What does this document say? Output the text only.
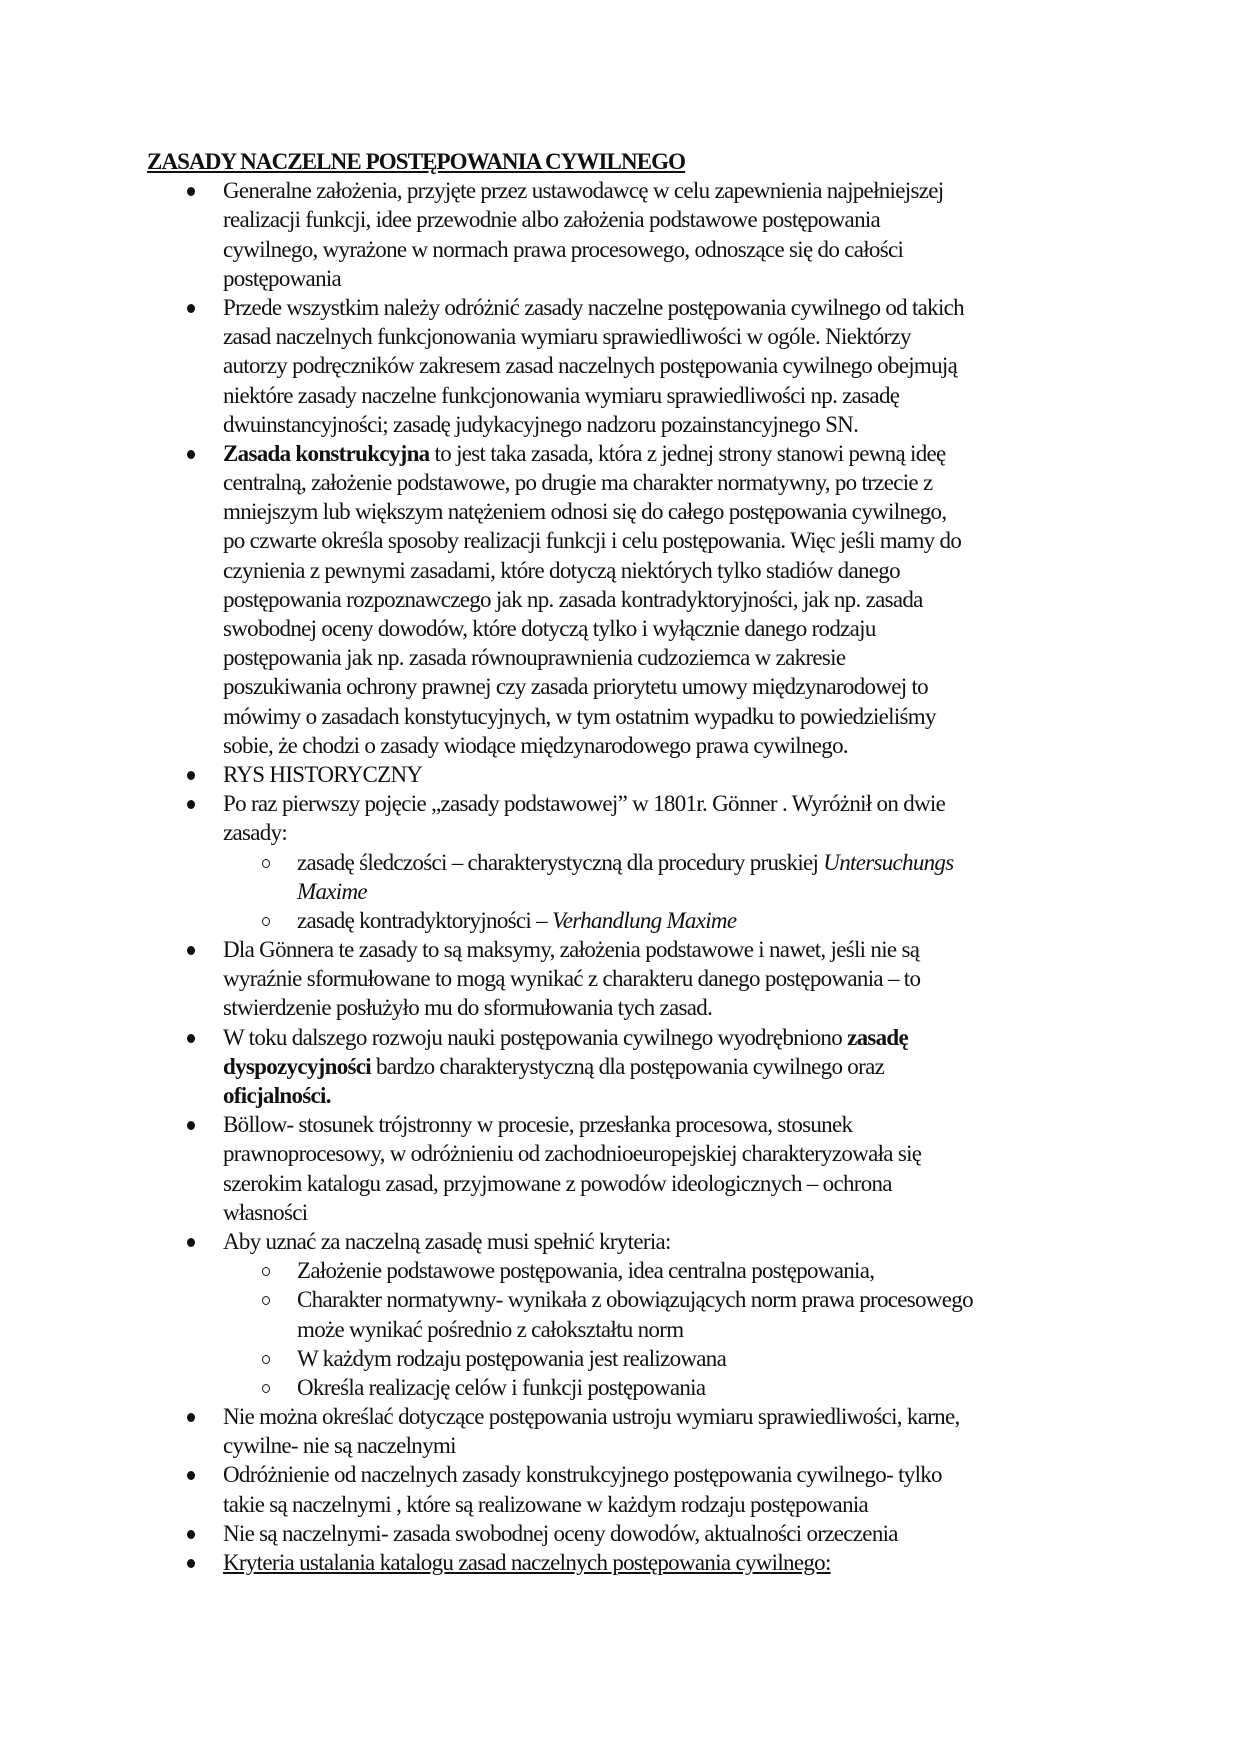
ZASADY NACZELNE POSTĘPOWANIA CYWILNEGO
Generalne założenia, przyjęte przez ustawodawcę w celu zapewnienia najpełniejszej
realizacji funkcji, idee przewodnie albo założenia podstawowe postępowania
cywilnego, wyrażone w normach prawa procesowego, odnoszące się do całości
postępowania
Przede wszystkim należy odróżnić zasady naczelne postępowania cywilnego od takich
zasad naczelnych funkcjonowania wymiaru sprawiedliwości w ogóle. Niektórzy
autorzy podręczników zakresem zasad naczelnych postępowania cywilnego obejmują
niektóre zasady naczelne funkcjonowania wymiaru sprawiedliwości np. zasadę
dwuinstancyjności; zasadę judykacyjnego nadzoru pozainstancyjnego SN.
Zasada konstrukcyjna to jest taka zasada, która z jednej strony stanowi pewną ideę
centralną, założenie podstawowe, po drugie ma charakter normatywny, po trzecie z
mniejszym lub większym natężeniem odnosi się do całego postępowania cywilnego,
po czwarte określa sposoby realizacji funkcji i celu postępowania. Więc jeśli mamy do
czynienia z pewnymi zasadami, które dotyczą niektórych tylko stadiów danego
postępowania rozpoznawczego jak np. zasada kontradyktoryjności, jak np. zasada
swobodnej oceny dowodów, które dotyczą tylko i wyłącznie danego rodzaju
postępowania jak np. zasada równouprawnienia cudzoziemca w zakresie
poszukiwania ochrony prawnej czy zasada priorytetu umowy międzynarodowej to
mówimy o zasadach konstytucyjnych, w tym ostatnim wypadku to powiedzieliśmy
sobie, że chodzi o zasady wiodące międzynarodowego prawa cywilnego.
RYS HISTORYCZNY
Po raz pierwszy pojęcie „zasady podstawowej” w 1801r. Gönner . Wyróżnił on dwie
zasady:
zasadę śledczości – charakterystyczną dla procedury pruskiej Untersuchungs
Maxime
zasadę kontradyktoryjności – Verhandlung Maxime
Dla Gönnera te zasady to są maksymy, założenia podstawowe i nawet, jeśli nie są
wyraźnie sformułowane to mogą wynikać z charakteru danego postępowania – to
stwierdzenie posłużyło mu do sformułowania tych zasad.
W toku dalszego rozwoju nauki postępowania cywilnego wyodrębniono zasadę
dyspozycyjności bardzo charakterystyczną dla postępowania cywilnego oraz
oficjalności.
Böllow- stosunek trójstronny w procesie, przesłanka procesowa, stosunek
prawnoprocesowy, w odróżnieniu od zachodnioeuropejskiej charakteryzowała się
szerokim katalogu zasad, przyjmowane z powodów ideologicznych – ochrona
własności
Aby uznać za naczelną zasadę musi spełnić kryteria:
Założenie podstawowe postępowania, idea centralna postępowania,
Charakter normatywny- wynikała z obowiązujących norm prawa procesowego
może wynikać pośrednio z całokształtu norm
W każdym rodzaju postępowania jest realizowana
Określa realizację celów i funkcji postępowania
Nie można określać dotyczące postępowania ustroju wymiaru sprawiedliwości, karne,
cywilne- nie są naczelnymi
Odróżnienie od naczelnych zasady konstrukcyjnego postępowania cywilnego- tylko
takie są naczelnymi , które są realizowane w każdym rodzaju postępowania
Nie są naczelnymi- zasada swobodnej oceny dowodów, aktualności orzeczenia
Kryteria ustalania katalogu zasad naczelnych postępowania cywilnego:
